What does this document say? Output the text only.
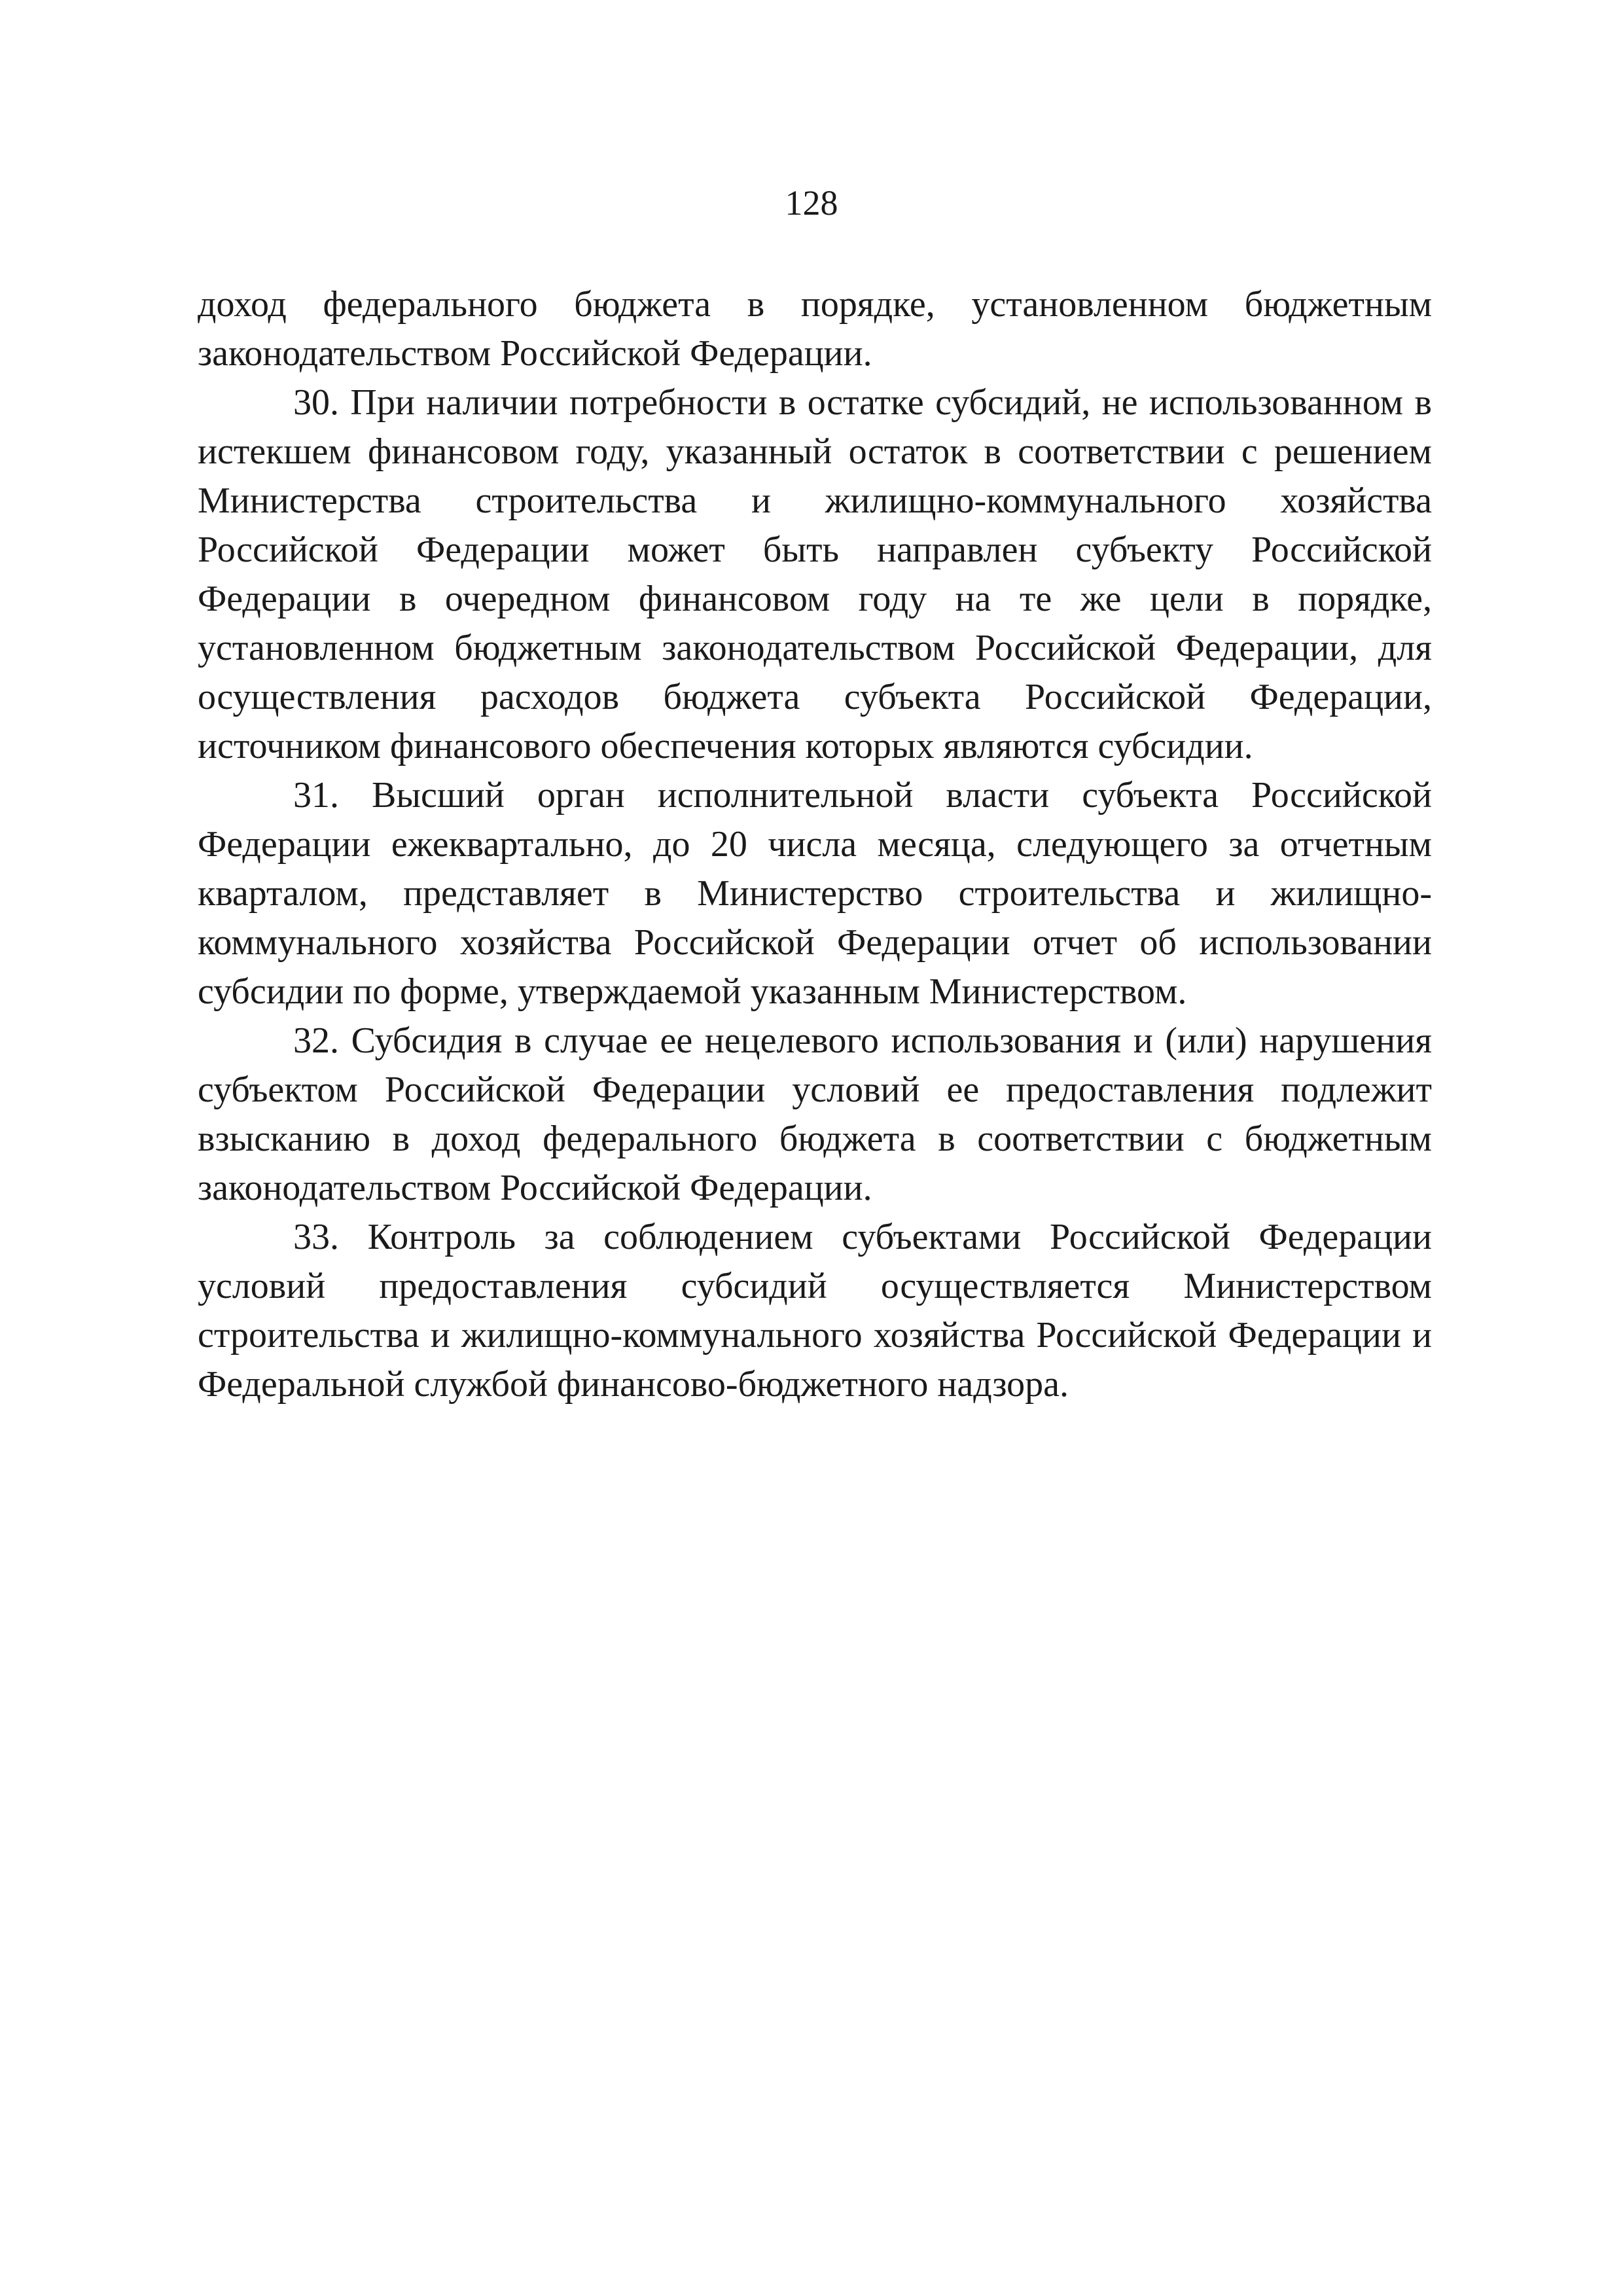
128

доход федерального бюджета в порядке, установленном бюджетным законодательством Российской Федерации.

30. При наличии потребности в остатке субсидий, не использованном в истекшем финансовом году, указанный остаток в соответствии с решением Министерства строительства и жилищно-коммунального хозяйства Российской Федерации может быть направлен субъекту Российской Федерации в очередном финансовом году на те же цели в порядке, установленном бюджетным законодательством Российской Федерации, для осуществления расходов бюджета субъекта Российской Федерации, источником финансового обеспечения которых являются субсидии.

31. Высший орган исполнительной власти субъекта Российской Федерации ежеквартально, до 20 числа месяца, следующего за отчетным кварталом, представляет в Министерство строительства и жилищно-коммунального хозяйства Российской Федерации отчет об использовании субсидии по форме, утверждаемой указанным Министерством.

32. Субсидия в случае ее нецелевого использования и (или) нарушения субъектом Российской Федерации условий ее предоставления подлежит взысканию в доход федерального бюджета в соответствии с бюджетным законодательством Российской Федерации.

33. Контроль за соблюдением субъектами Российской Федерации условий предоставления субсидий осуществляется Министерством строительства и жилищно-коммунального хозяйства Российской Федерации и Федеральной службой финансово-бюджетного надзора.
